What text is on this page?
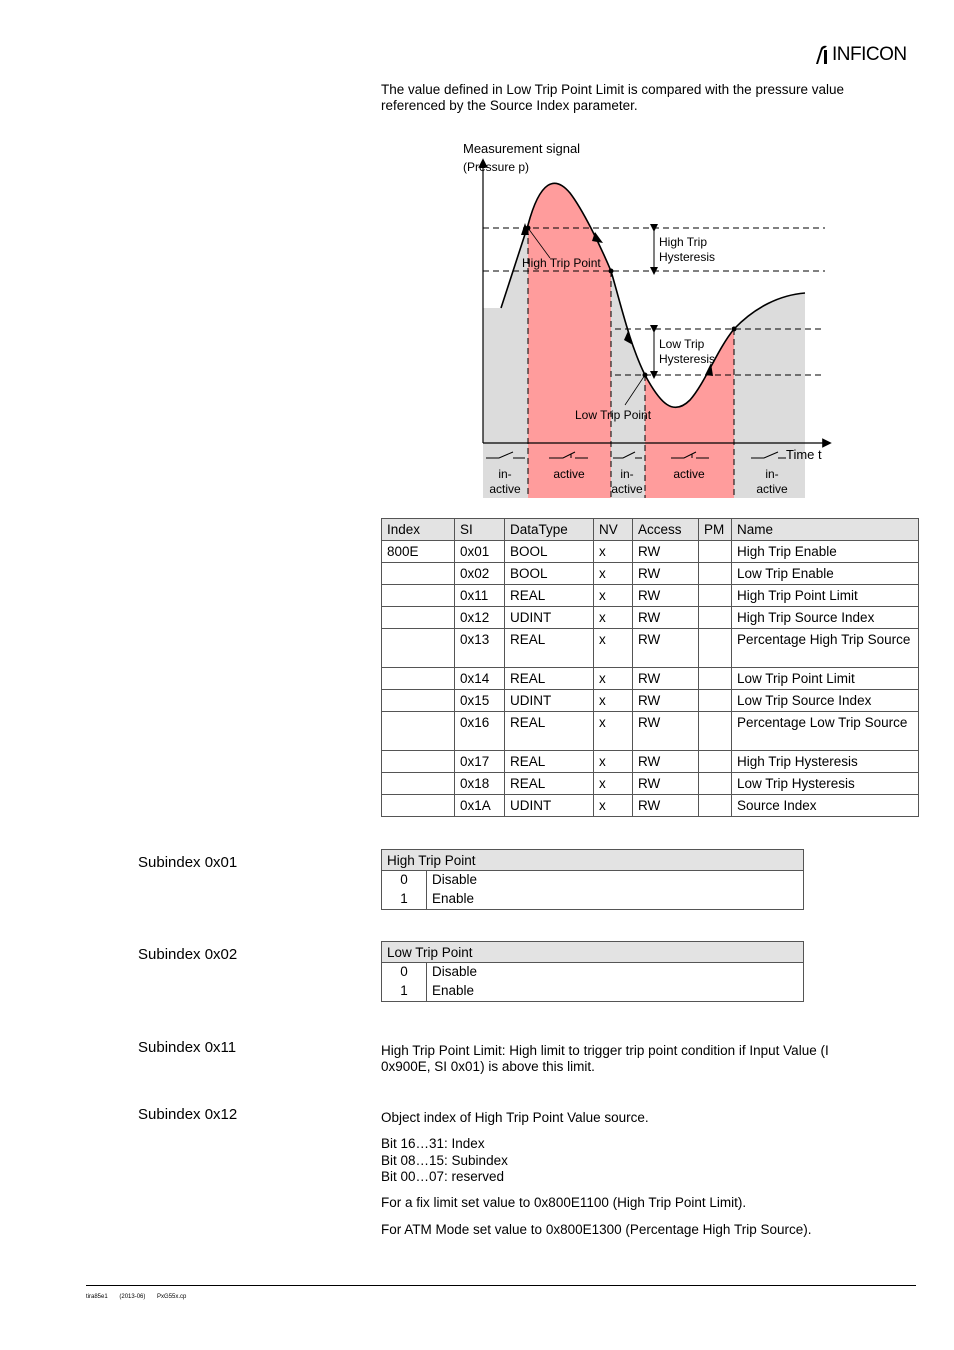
INFICON
The value defined in Low Trip Point Limit is compared with the pressure value referenced by the Source Index parameter.
Measurement signal
(Pressure p)
Time t
High Trip
Hysteresis
Low Trip
Hysteresis
High Trip Point
Low Trip Point
in-
active
active	in-
active
active	in-
active
Index	SI	DataType	NV	Access	PM	Name
800E	0x01	BOOL	x	RW		High Trip Enable
	0x02	BOOL	x	RW		Low Trip Enable
	0x11	REAL	x	RW		High Trip Point Limit
	0x12	UDINT	x	RW		High Trip Source Index
	0x13	REAL	x	RW		Percentage High Trip Source
	0x14	REAL	x	RW		Low Trip Point Limit
	0x15	UDINT	x	RW		Low Trip Source Index
	0x16	REAL	x	RW		Percentage Low Trip Source
	0x17	REAL	x	RW		High Trip Hysteresis
	0x18	REAL	x	RW		Low Trip Hysteresis
	0x1A	UDINT	x	RW		Source Index
Subindex 0x01	High Trip Point	
0	Disable
1	Enable
Subindex 0x02	Low Trip Point	
0	Disable
1	Enable
Subindex 0x11	High Trip Point Limit: High limit to trigger trip point condition if Input Value (I 0x900E, SI 0x01) is above this limit.
Subindex 0x12	Object index of High Trip Point Value source.
Bit 16…31: Index
Bit 08…15: Subindex
Bit 00…07: reserved
For a fix limit set value to 0x800E1100 (High Trip Point Limit).
For ATM Mode set value to 0x800E1300 (Percentage High Trip Source).
tira85e1 (2013-06) PxG55x.cp
